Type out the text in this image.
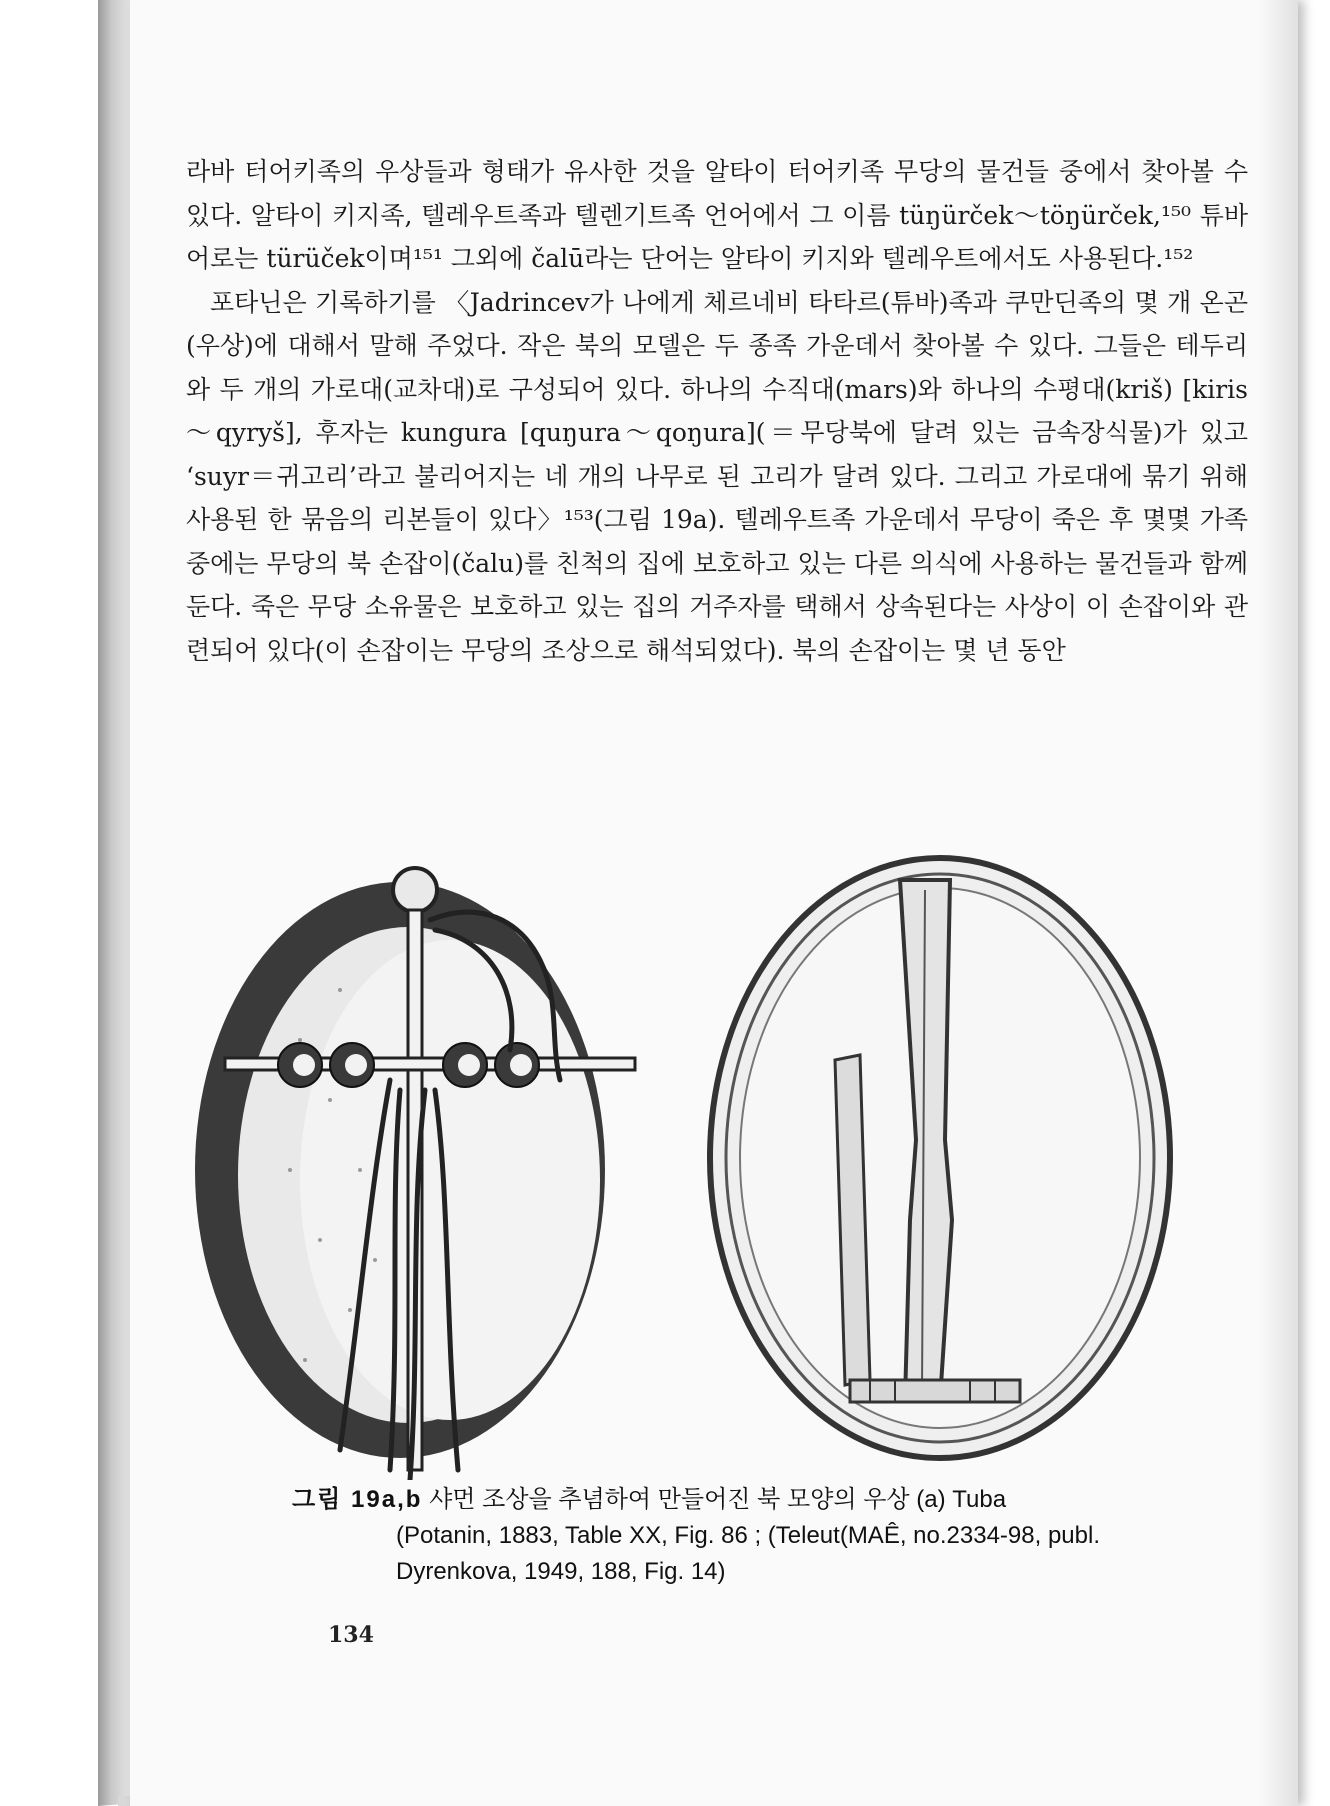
라바 터어키족의 우상들과 형태가 유사한 것을 알타이 터어키족 무당의 물건들 중에서 찾아볼 수 있다. 알타이 키지족, 텔레우트족과 텔렌기트족 언어에서 그 이름 tüŋürček～töŋürček,¹⁵⁰ 튜바어로는 türüček이며¹⁵¹ 그외에 čalū라는 단어는 알타이 키지와 텔레우트에서도 사용된다.¹⁵²

포타닌은 기록하기를 〈Jadrincev가 나에게 체르네비 타타르(튜바)족과 쿠만딘족의 몇 개 온곤(우상)에 대해서 말해 주었다. 작은 북의 모델은 두 종족 가운데서 찾아볼 수 있다. 그들은 테두리와 두 개의 가로대(교차대)로 구성되어 있다. 하나의 수직대(mars)와 하나의 수평대(kriš) [kiris～qyryš], 후자는 kungura [quŋura～qoŋura](＝무당북에 달려 있는 금속장식물)가 있고 ‘suyr＝귀고리’라고 불리어지는 네 개의 나무로 된 고리가 달려 있다. 그리고 가로대에 묶기 위해 사용된 한 묶음의 리본들이 있다〉¹⁵³(그림 19a). 텔레우트족 가운데서 무당이 죽은 후 몇몇 가족 중에는 무당의 북 손잡이(čalu)를 친척의 집에 보호하고 있는 다른 의식에 사용하는 물건들과 함께 둔다. 죽은 무당 소유물은 보호하고 있는 집의 거주자를 택해서 상속된다는 사상이 이 손잡이와 관련되어 있다(이 손잡이는 무당의 조상으로 해석되었다). 북의 손잡이는 몇 년 동안

그림 19a,b 샤먼 조상을 추념하여 만들어진 북 모양의 우상 (a) Tuba
(Potanin, 1883, Table XX, Fig. 86 ; (Teleut(MAÊ, no.2334-98, publ.
Dyrenkova, 1949, 188, Fig. 14)
134
